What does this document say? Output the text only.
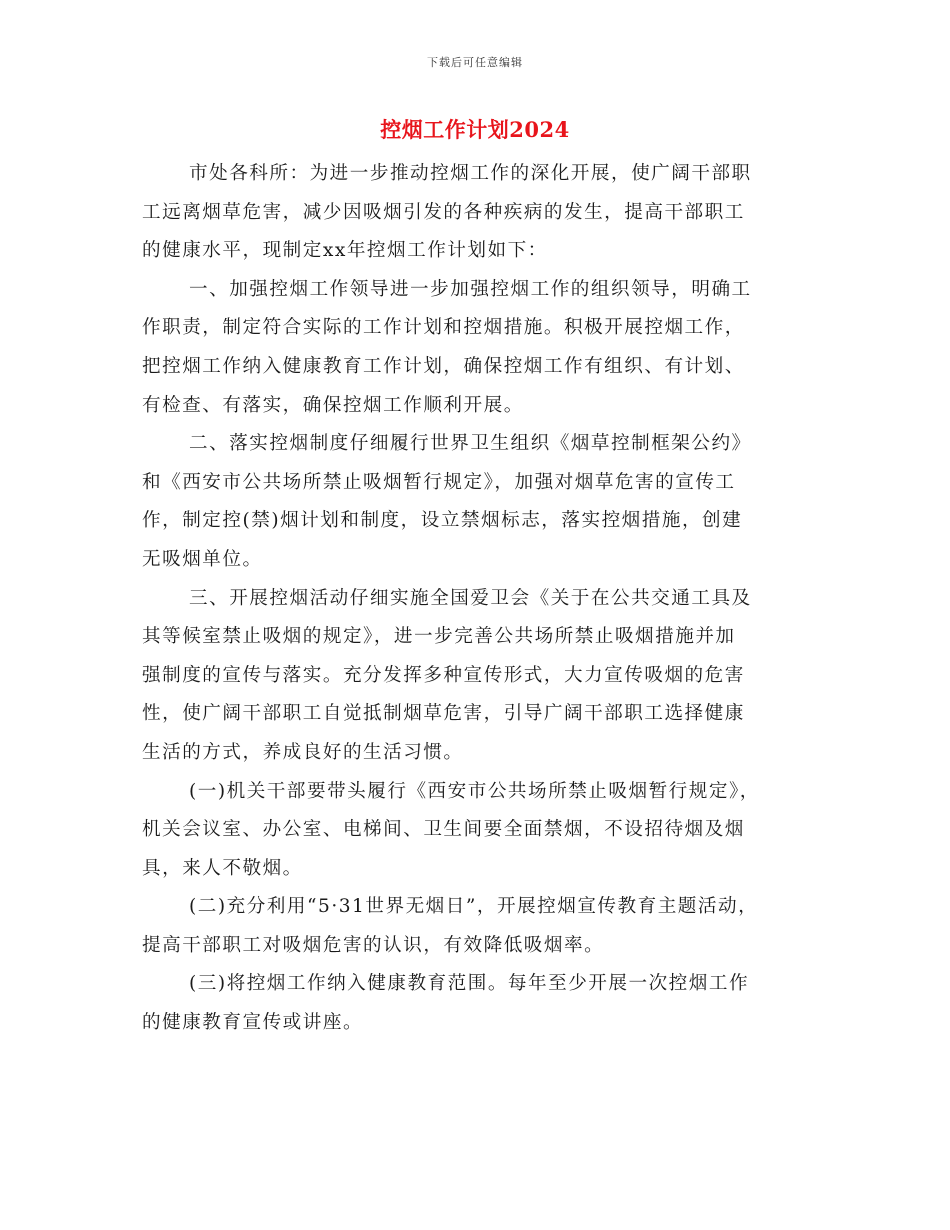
下载后可任意编辑
控烟工作计划2024
市处各科所：为进一步推动控烟工作的深化开展，使广阔干部职
工远离烟草危害，减少因吸烟引发的各种疾病的发生，提高干部职工
的健康水平，现制定xx年控烟工作计划如下：
一、加强控烟工作领导进一步加强控烟工作的组织领导，明确工
作职责，制定符合实际的工作计划和控烟措施。积极开展控烟工作，
把控烟工作纳入健康教育工作计划，确保控烟工作有组织、有计划、
有检查、有落实，确保控烟工作顺利开展。
二、落实控烟制度仔细履行世界卫生组织《烟草控制框架公约》
和《西安市公共场所禁止吸烟暂行规定》，加强对烟草危害的宣传工
作，制定控(禁)烟计划和制度，设立禁烟标志，落实控烟措施，创建
无吸烟单位。
三、开展控烟活动仔细实施全国爱卫会《关于在公共交通工具及
其等候室禁止吸烟的规定》，进一步完善公共场所禁止吸烟措施并加
强制度的宣传与落实。充分发挥多种宣传形式，大力宣传吸烟的危害
性，使广阔干部职工自觉抵制烟草危害，引导广阔干部职工选择健康
生活的方式，养成良好的生活习惯。
(一)机关干部要带头履行《西安市公共场所禁止吸烟暂行规定》，
机关会议室、办公室、电梯间、卫生间要全面禁烟，不设招待烟及烟
具，来人不敬烟。
(二)充分利用“5·31世界无烟日”，开展控烟宣传教育主题活动，
提高干部职工对吸烟危害的认识，有效降低吸烟率。
(三)将控烟工作纳入健康教育范围。每年至少开展一次控烟工作
的健康教育宣传或讲座。
